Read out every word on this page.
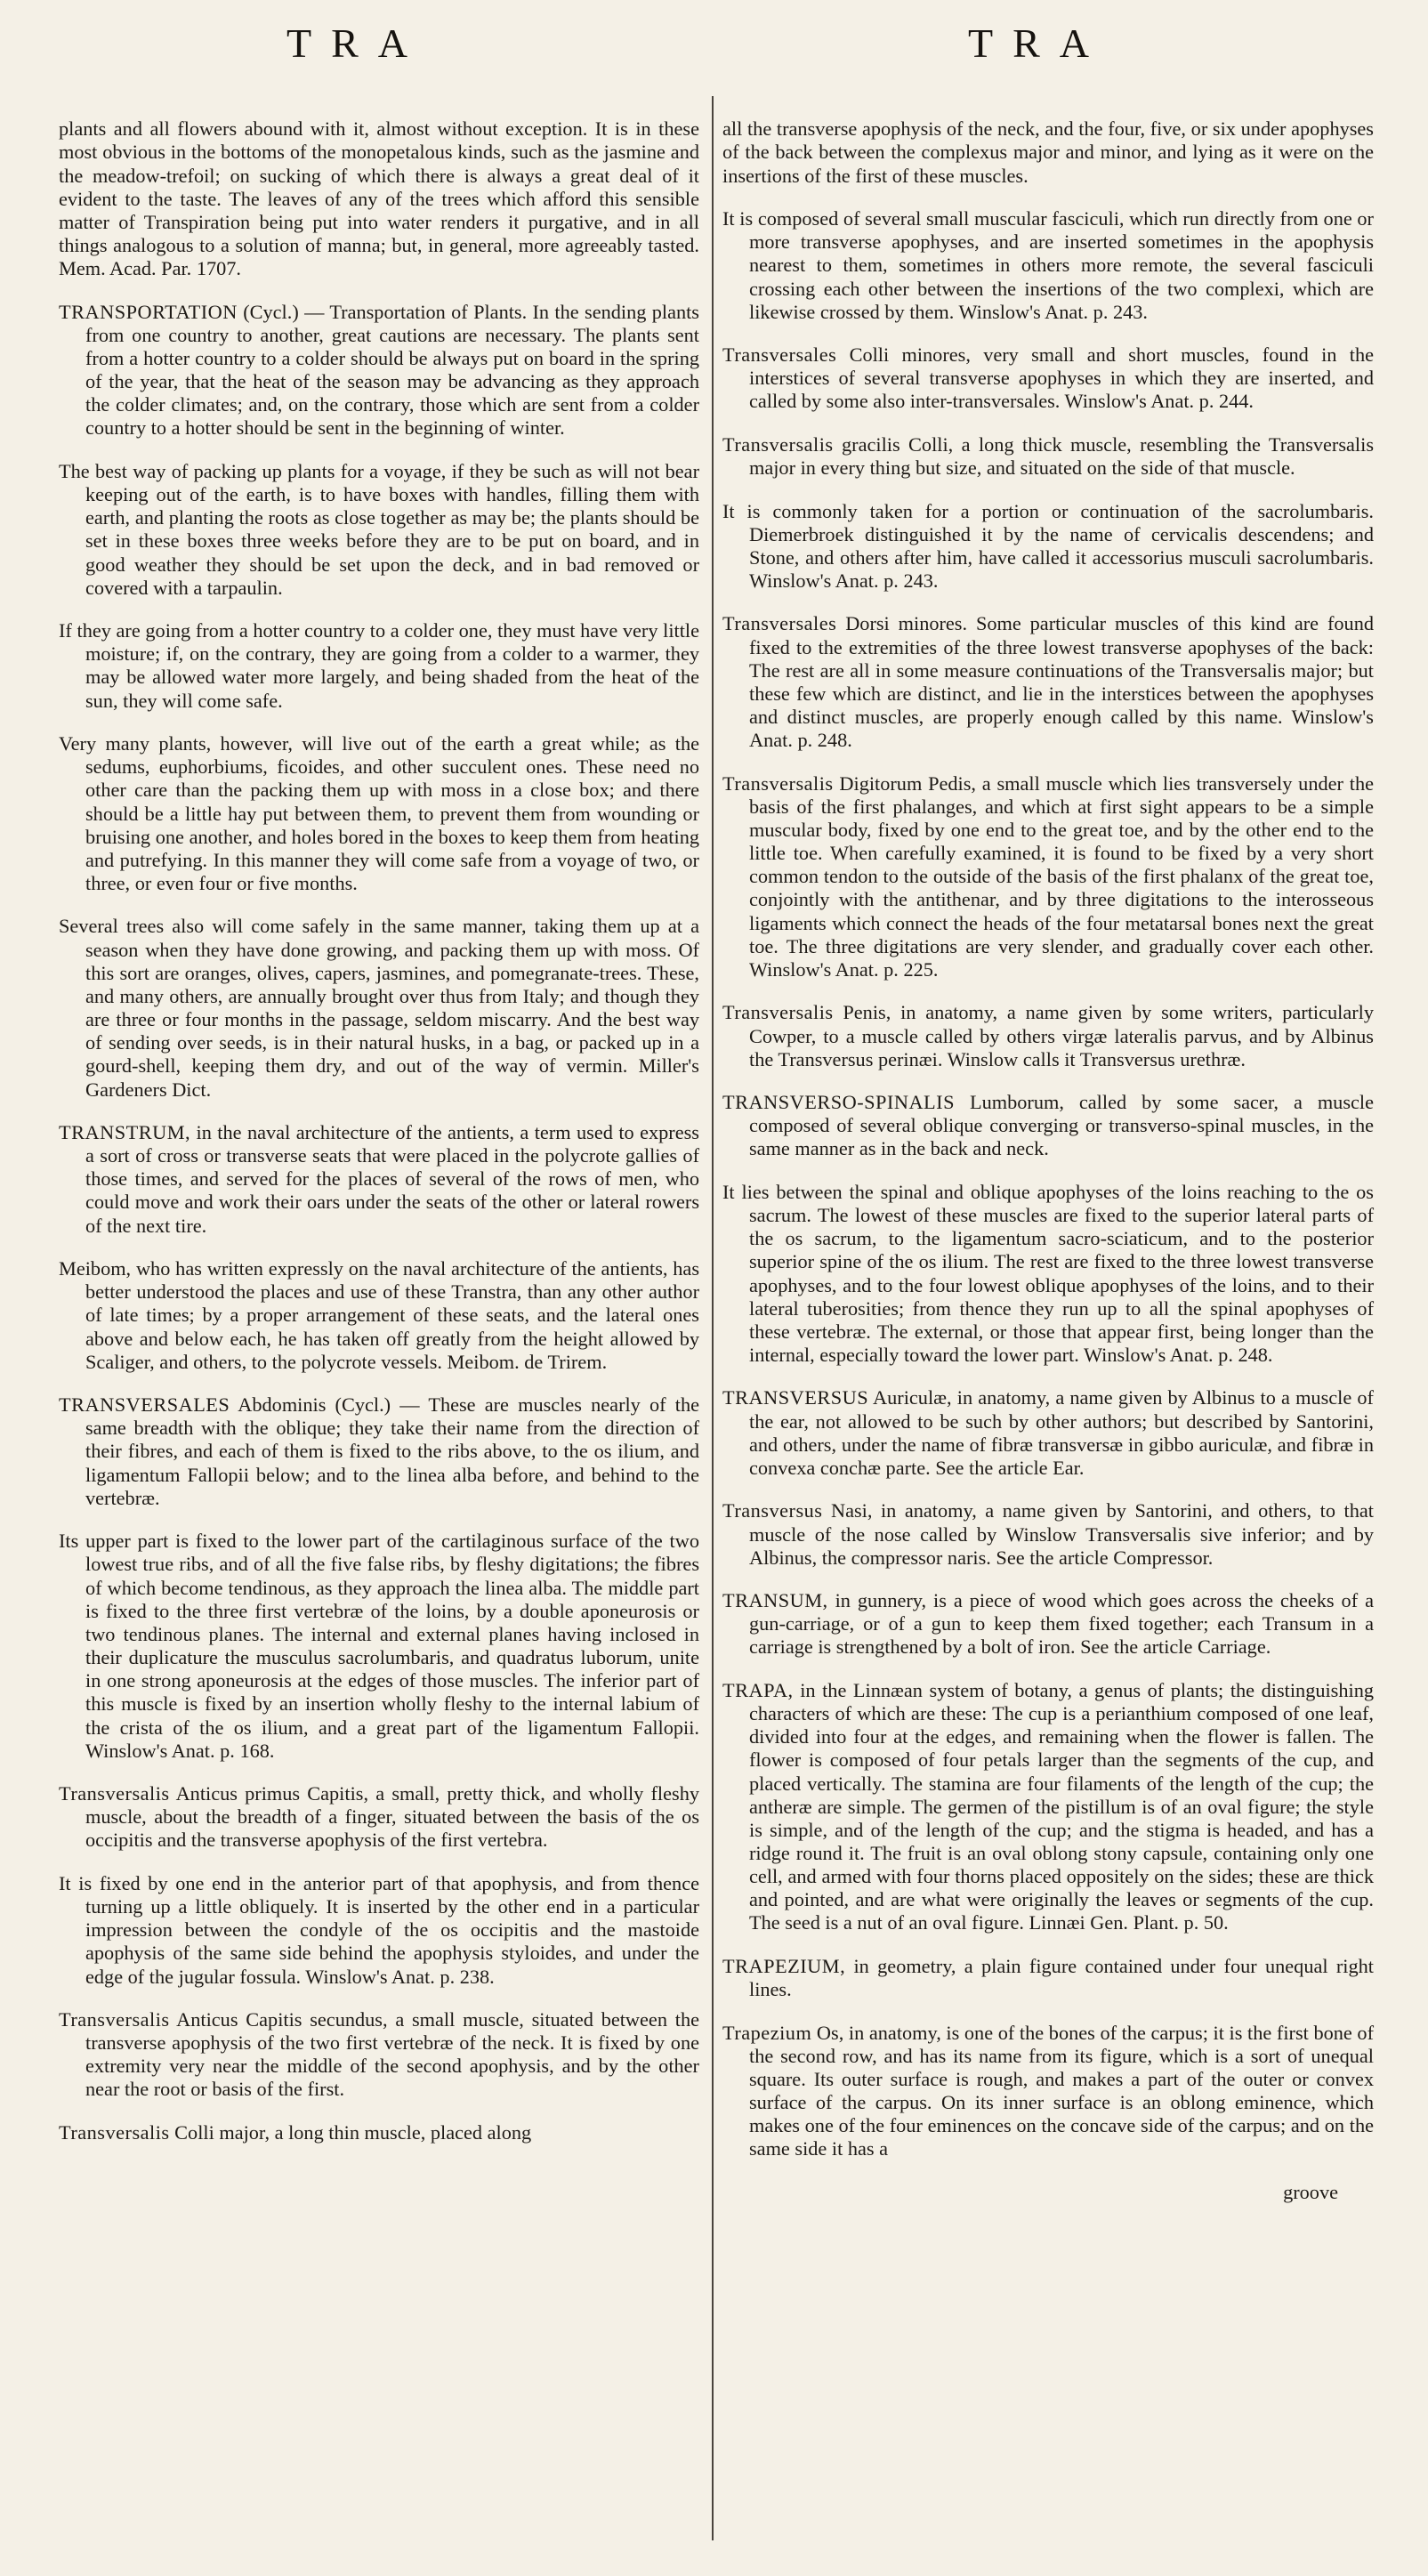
TRA	TRA

plants and all flowers abound with it, almost without exception. It is in these most obvious in the bottoms of the monopetalous kinds, such as the jasmine and the meadow-trefoil; on sucking of which there is always a great deal of it evident to the taste. The leaves of any of the trees which afford this sensible matter of Transpiration being put into water renders it purgative, and in all things analogous to a solution of manna; but, in general, more agreeably tasted. Mem. Acad. Par. 1707.

TRANSPORTATION (Cycl.) — Transportation of Plants. In the sending plants from one country to another, great cautions are necessary. The plants sent from a hotter country to a colder should be always put on board in the spring of the year, that the heat of the season may be advancing as they approach the colder climates; and, on the contrary, those which are sent from a colder country to a hotter should be sent in the beginning of winter.

The best way of packing up plants for a voyage, if they be such as will not bear keeping out of the earth, is to have boxes with handles, filling them with earth, and planting the roots as close together as may be; the plants should be set in these boxes three weeks before they are to be put on board, and in good weather they should be set upon the deck, and in bad removed or covered with a tarpaulin.

If they are going from a hotter country to a colder one, they must have very little moisture; if, on the contrary, they are going from a colder to a warmer, they may be allowed water more largely, and being shaded from the heat of the sun, they will come safe.

Very many plants, however, will live out of the earth a great while; as the sedums, euphorbiums, ficoides, and other succulent ones. These need no other care than the packing them up with moss in a close box; and there should be a little hay put between them, to prevent them from wounding or bruising one another, and holes bored in the boxes to keep them from heating and putrefying. In this manner they will come safe from a voyage of two, or three, or even four or five months.

Several trees also will come safely in the same manner, taking them up at a season when they have done growing, and packing them up with moss. Of this sort are oranges, olives, capers, jasmines, and pomegranate-trees. These, and many others, are annually brought over thus from Italy; and though they are three or four months in the passage, seldom miscarry. And the best way of sending over seeds, is in their natural husks, in a bag, or packed up in a gourd-shell, keeping them dry, and out of the way of vermin. Miller's Gardeners Dict.

TRANSTRUM, in the naval architecture of the antients, a term used to express a sort of cross or transverse seats that were placed in the polycrote gallies of those times, and served for the places of several of the rows of men, who could move and work their oars under the seats of the other or lateral rowers of the next tire.

Meibom, who has written expressly on the naval architecture of the antients, has better understood the places and use of these Transtra, than any other author of late times; by a proper arrangement of these seats, and the lateral ones above and below each, he has taken off greatly from the height allowed by Scaliger, and others, to the polycrote vessels. Meibom. de Trirem.

TRANSVERSALES Abdominis (Cycl.) — These are muscles nearly of the same breadth with the oblique; they take their name from the direction of their fibres, and each of them is fixed to the ribs above, to the os ilium, and ligamentum Fallopii below; and to the linea alba before, and behind to the vertebræ.

Its upper part is fixed to the lower part of the cartilaginous surface of the two lowest true ribs, and of all the five false ribs, by fleshy digitations; the fibres of which become tendinous, as they approach the linea alba. The middle part is fixed to the three first vertebræ of the loins, by a double aponeurosis or two tendinous planes. The internal and external planes having inclosed in their duplicature the musculus sacrolumbaris, and quadratus luborum, unite in one strong aponeurosis at the edges of those muscles. The inferior part of this muscle is fixed by an insertion wholly fleshy to the internal labium of the crista of the os ilium, and a great part of the ligamentum Fallopii. Winslow's Anat. p. 168.

Transversalis Anticus primus Capitis, a small, pretty thick, and wholly fleshy muscle, about the breadth of a finger, situated between the basis of the os occipitis and the transverse apophysis of the first vertebra.

It is fixed by one end in the anterior part of that apophysis, and from thence turning up a little obliquely. It is inserted by the other end in a particular impression between the condyle of the os occipitis and the mastoide apophysis of the same side behind the apophysis styloides, and under the edge of the jugular fossula. Winslow's Anat. p. 238.

Transversalis Anticus Capitis secundus, a small muscle, situated between the transverse apophysis of the two first vertebræ of the neck. It is fixed by one extremity very near the middle of the second apophysis, and by the other near the root or basis of the first.

Transversalis Colli major, a long thin muscle, placed along

all the transverse apophysis of the neck, and the four, five, or six under apophyses of the back between the complexus major and minor, and lying as it were on the insertions of the first of these muscles.

It is composed of several small muscular fasciculi, which run directly from one or more transverse apophyses, and are inserted sometimes in the apophysis nearest to them, sometimes in others more remote, the several fasciculi crossing each other between the insertions of the two complexi, which are likewise crossed by them. Winslow's Anat. p. 243.

Transversales Colli minores, very small and short muscles, found in the interstices of several transverse apophyses in which they are inserted, and called by some also inter-transversales. Winslow's Anat. p. 244.

Transversalis gracilis Colli, a long thick muscle, resembling the Transversalis major in every thing but size, and situated on the side of that muscle.

It is commonly taken for a portion or continuation of the sacrolumbaris. Diemerbroek distinguished it by the name of cervicalis descendens; and Stone, and others after him, have called it accessorius musculi sacrolumbaris. Winslow's Anat. p. 243.

Transversales Dorsi minores. Some particular muscles of this kind are found fixed to the extremities of the three lowest transverse apophyses of the back: The rest are all in some measure continuations of the Transversalis major; but these few which are distinct, and lie in the interstices between the apophyses and distinct muscles, are properly enough called by this name. Winslow's Anat. p. 248.

Transversalis Digitorum Pedis, a small muscle which lies transversely under the basis of the first phalanges, and which at first sight appears to be a simple muscular body, fixed by one end to the great toe, and by the other end to the little toe. When carefully examined, it is found to be fixed by a very short common tendon to the outside of the basis of the first phalanx of the great toe, conjointly with the antithenar, and by three digitations to the interosseous ligaments which connect the heads of the four metatarsal bones next the great toe. The three digitations are very slender, and gradually cover each other. Winslow's Anat. p. 225.

Transversalis Penis, in anatomy, a name given by some writers, particularly Cowper, to a muscle called by others virgæ lateralis parvus, and by Albinus the Transversus perinæi. Winslow calls it Transversus urethræ.

TRANSVERSO-SPINALIS Lumborum, called by some sacer, a muscle composed of several oblique converging or transverso-spinal muscles, in the same manner as in the back and neck.

It lies between the spinal and oblique apophyses of the loins reaching to the os sacrum. The lowest of these muscles are fixed to the superior lateral parts of the os sacrum, to the ligamentum sacro-sciaticum, and to the posterior superior spine of the os ilium. The rest are fixed to the three lowest transverse apophyses, and to the four lowest oblique apophyses of the loins, and to their lateral tuberosities; from thence they run up to all the spinal apophyses of these vertebræ. The external, or those that appear first, being longer than the internal, especially toward the lower part. Winslow's Anat. p. 248.

TRANSVERSUS Auriculæ, in anatomy, a name given by Albinus to a muscle of the ear, not allowed to be such by other authors; but described by Santorini, and others, under the name of fibræ transversæ in gibbo auriculæ, and fibræ in convexa conchæ parte. See the article Ear.

Transversus Nasi, in anatomy, a name given by Santorini, and others, to that muscle of the nose called by Winslow Transversalis sive inferior; and by Albinus, the compressor naris. See the article Compressor.

TRANSUM, in gunnery, is a piece of wood which goes across the cheeks of a gun-carriage, or of a gun to keep them fixed together; each Transum in a carriage is strengthened by a bolt of iron. See the article Carriage.

TRAPA, in the Linnæan system of botany, a genus of plants; the distinguishing characters of which are these: The cup is a perianthium composed of one leaf, divided into four at the edges, and remaining when the flower is fallen. The flower is composed of four petals larger than the segments of the cup, and placed vertically. The stamina are four filaments of the length of the cup; the antheræ are simple. The germen of the pistillum is of an oval figure; the style is simple, and of the length of the cup; and the stigma is headed, and has a ridge round it. The fruit is an oval oblong stony capsule, containing only one cell, and armed with four thorns placed oppositely on the sides; these are thick and pointed, and are what were originally the leaves or segments of the cup. The seed is a nut of an oval figure. Linnæi Gen. Plant. p. 50.

TRAPEZIUM, in geometry, a plain figure contained under four unequal right lines.

Trapezium Os, in anatomy, is one of the bones of the carpus; it is the first bone of the second row, and has its name from its figure, which is a sort of unequal square. Its outer surface is rough, and makes a part of the outer or convex surface of the carpus. On its inner surface is an oblong eminence, which makes one of the four eminences on the concave side of the carpus; and on the same side it has a

groove
